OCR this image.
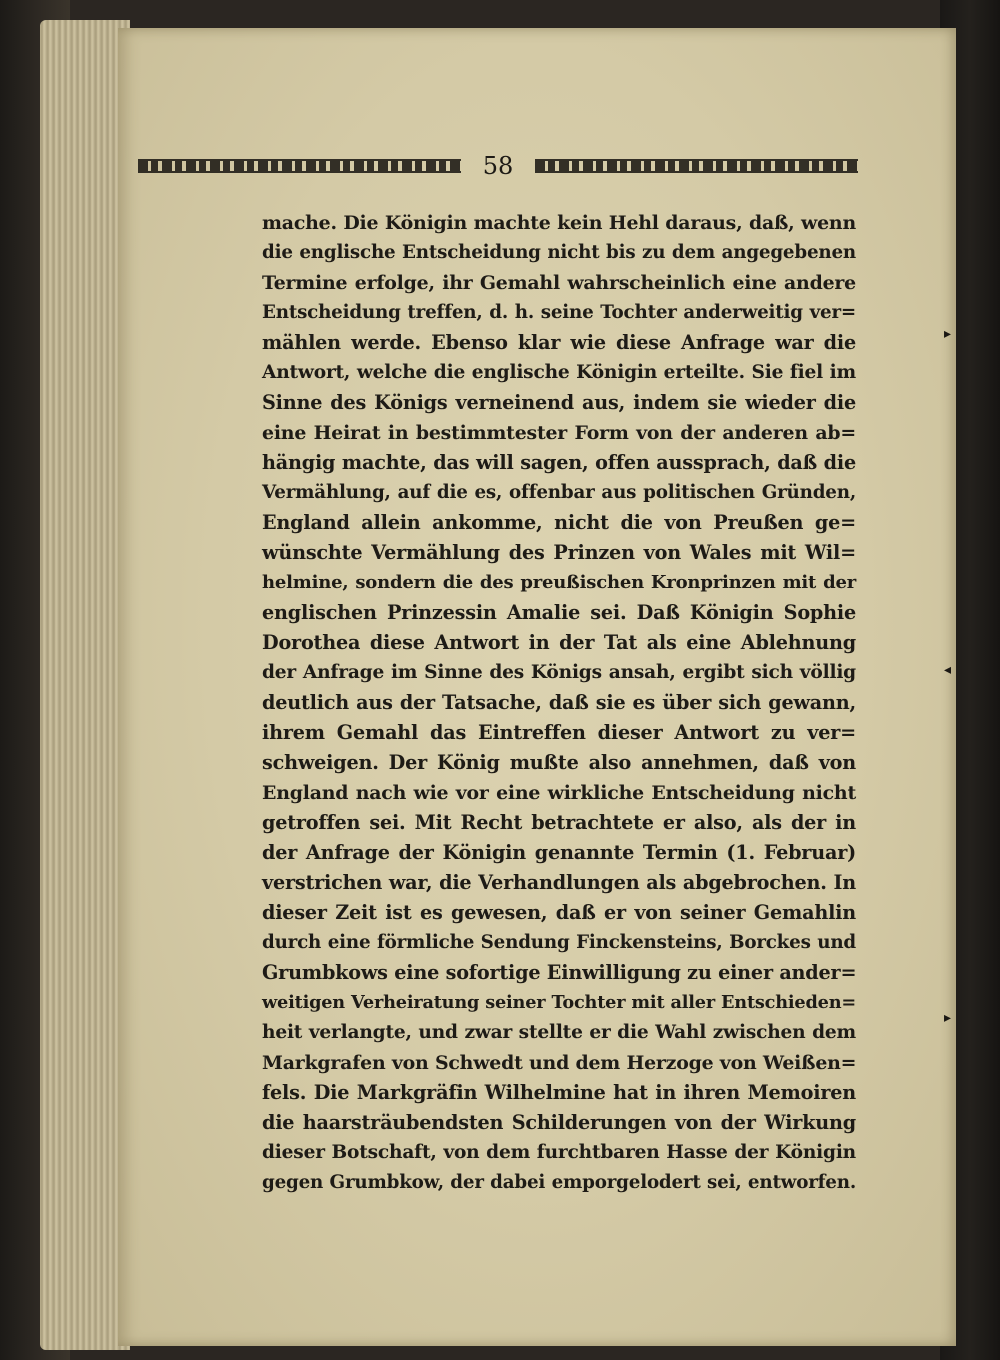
58
mache. Die Königin machte kein Hehl daraus, daß, wenn
die englische Entscheidung nicht bis zu dem angegebenen
Termine erfolge, ihr Gemahl wahrscheinlich eine andere
Entscheidung treffen, d. h. seine Tochter anderweitig ver=
mählen werde. Ebenso klar wie diese Anfrage war die
Antwort, welche die englische Königin erteilte. Sie fiel im
Sinne des Königs verneinend aus, indem sie wieder die
eine Heirat in bestimmtester Form von der anderen ab=
hängig machte, das will sagen, offen aussprach, daß die
Vermählung, auf die es, offenbar aus politischen Gründen,
England allein ankomme, nicht die von Preußen ge=
wünschte Vermählung des Prinzen von Wales mit Wil=
helmine, sondern die des preußischen Kronprinzen mit der
englischen Prinzessin Amalie sei. Daß Königin Sophie
Dorothea diese Antwort in der Tat als eine Ablehnung
der Anfrage im Sinne des Königs ansah, ergibt sich völlig
deutlich aus der Tatsache, daß sie es über sich gewann,
ihrem Gemahl das Eintreffen dieser Antwort zu ver=
schweigen. Der König mußte also annehmen, daß von
England nach wie vor eine wirkliche Entscheidung nicht
getroffen sei. Mit Recht betrachtete er also, als der in
der Anfrage der Königin genannte Termin (1. Februar)
verstrichen war, die Verhandlungen als abgebrochen. In
dieser Zeit ist es gewesen, daß er von seiner Gemahlin
durch eine förmliche Sendung Finckensteins, Borckes und
Grumbkows eine sofortige Einwilligung zu einer ander=
weitigen Verheiratung seiner Tochter mit aller Entschieden=
heit verlangte, und zwar stellte er die Wahl zwischen dem
Markgrafen von Schwedt und dem Herzoge von Weißen=
fels. Die Markgräfin Wilhelmine hat in ihren Memoiren
die haarsträubendsten Schilderungen von der Wirkung
dieser Botschaft, von dem furchtbaren Hasse der Königin
gegen Grumbkow, der dabei emporgelodert sei, entworfen.
▸
◂
▸
